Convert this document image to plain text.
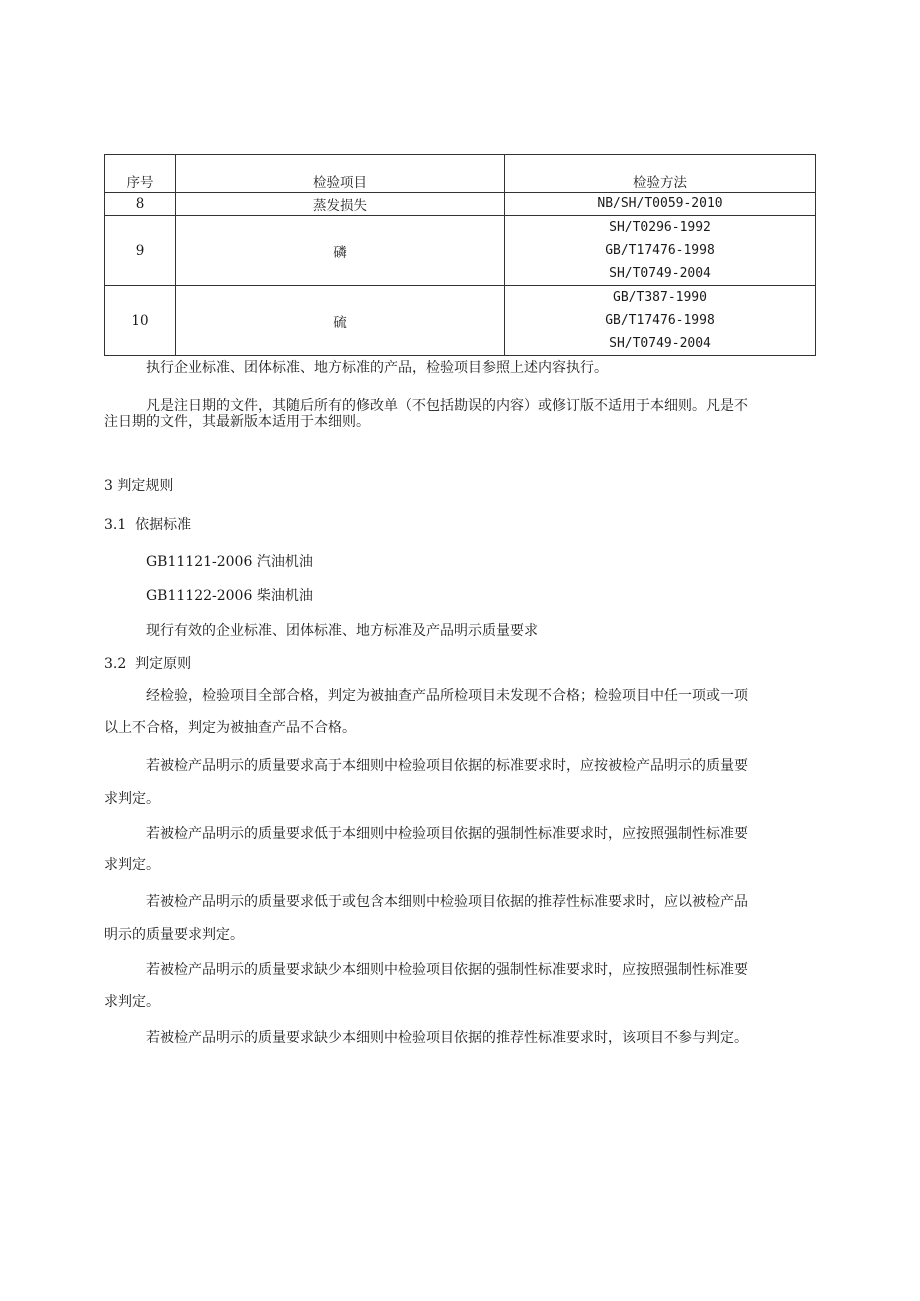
序号	检验项目	检验方法
8	蒸发损失	NB/SH/T0059-2010

9	磷	SH/T0296-1992
GB/T17476-1998
SH/T0749-2004

10	硫	GB/T387-1990
GB/T17476-1998
SH/T0749-2004
执行企业标准、团体标准、地方标准的产品，检验项目参照上述内容执行。
凡是注日期的文件，其随后所有的修改单（不包括勘误的内容）或修订版不适用于本细则。凡是不
注日期的文件，其最新版本适用于本细则。
3 判定规则
3.1  依据标准
GB11121-2006 汽油机油
GB11122-2006 柴油机油
现行有效的企业标准、团体标准、地方标准及产品明示质量要求
3.2  判定原则
经检验，检验项目全部合格，判定为被抽查产品所检项目未发现不合格；检验项目中任一项或一项
以上不合格，判定为被抽查产品不合格。
若被检产品明示的质量要求高于本细则中检验项目依据的标准要求时，应按被检产品明示的质量要
求判定。
若被检产品明示的质量要求低于本细则中检验项目依据的强制性标准要求时，应按照强制性标准要
求判定。
若被检产品明示的质量要求低于或包含本细则中检验项目依据的推荐性标准要求时，应以被检产品
明示的质量要求判定。
若被检产品明示的质量要求缺少本细则中检验项目依据的强制性标准要求时，应按照强制性标准要
求判定。
若被检产品明示的质量要求缺少本细则中检验项目依据的推荐性标准要求时，该项目不参与判定。
